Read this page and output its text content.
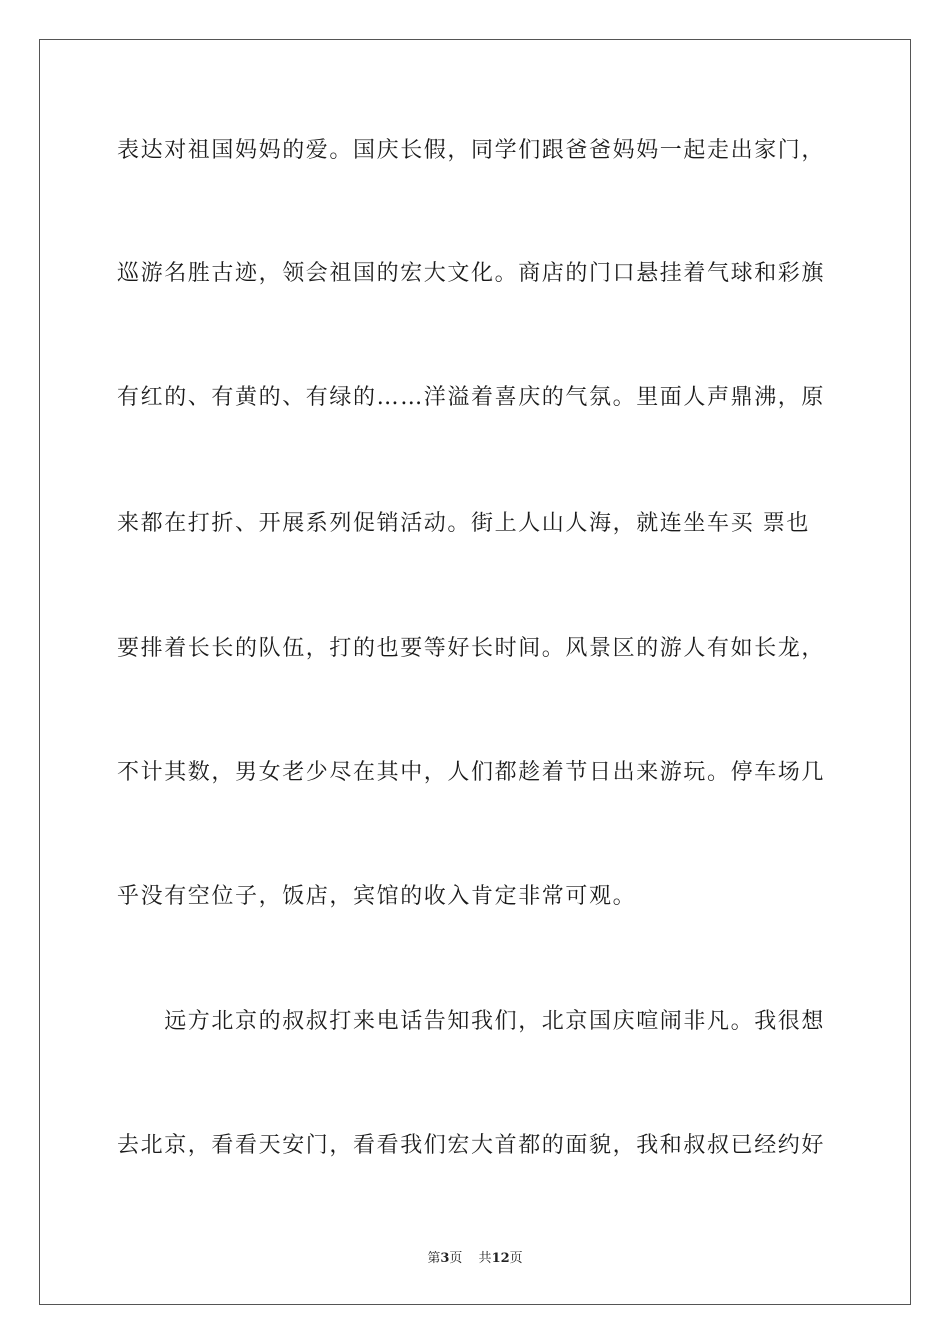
表达对祖国妈妈的爱。国庆长假，同学们跟爸爸妈妈一起走出家门，
巡游名胜古迹，领会祖国的宏大文化。商店的门口悬挂着气球和彩旗
有红的、有黄的、有绿的……洋溢着喜庆的气氛。里面人声鼎沸，原
来都在打折、开展系列促销活动。街上人山人海，就连坐车买 票也
要排着长长的队伍，打的也要等好长时间。风景区的游人有如长龙，
不计其数，男女老少尽在其中，人们都趁着节日出来游玩。停车场几
乎没有空位子，饭店，宾馆的收入肯定非常可观。
　　远方北京的叔叔打来电话告知我们，北京国庆喧闹非凡。我很想
去北京，看看天安门，看看我们宏大首都的面貌，我和叔叔已经约好
第3页 共12页
